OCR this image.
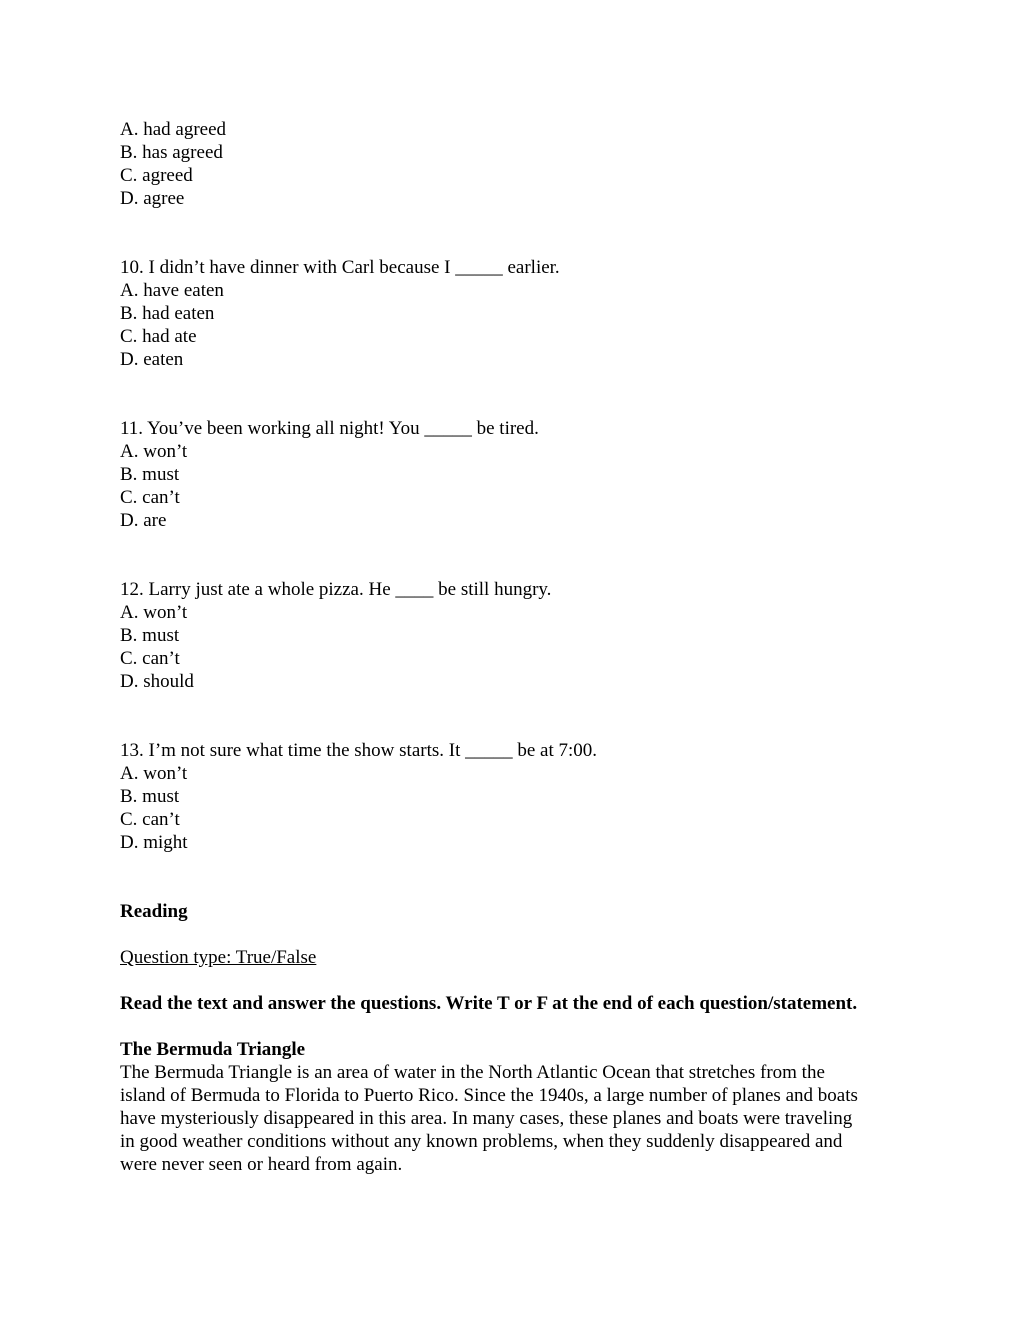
A. had agreed
B. has agreed
C. agreed
D. agree
10. I didn’t have dinner with Carl because I _____ earlier.
A. have eaten
B. had eaten
C. had ate
D. eaten
11. You’ve been working all night! You _____ be tired.
A. won’t
B. must
C. can’t
D. are
12. Larry just ate a whole pizza. He ____ be still hungry.
A. won’t
B. must
C. can’t
D. should
13. I’m not sure what time the show starts. It _____ be at 7:00.
A. won’t
B. must
C. can’t
D. might
Reading
Question type: True/False
Read the text and answer the questions. Write T or F at the end of each question/statement.
The Bermuda Triangle
The Bermuda Triangle is an area of water in the North Atlantic Ocean that stretches from the
island of Bermuda to Florida to Puerto Rico. Since the 1940s, a large number of planes and boats
have mysteriously disappeared in this area. In many cases, these planes and boats were traveling
in good weather conditions without any known problems, when they suddenly disappeared and
were never seen or heard from again.
